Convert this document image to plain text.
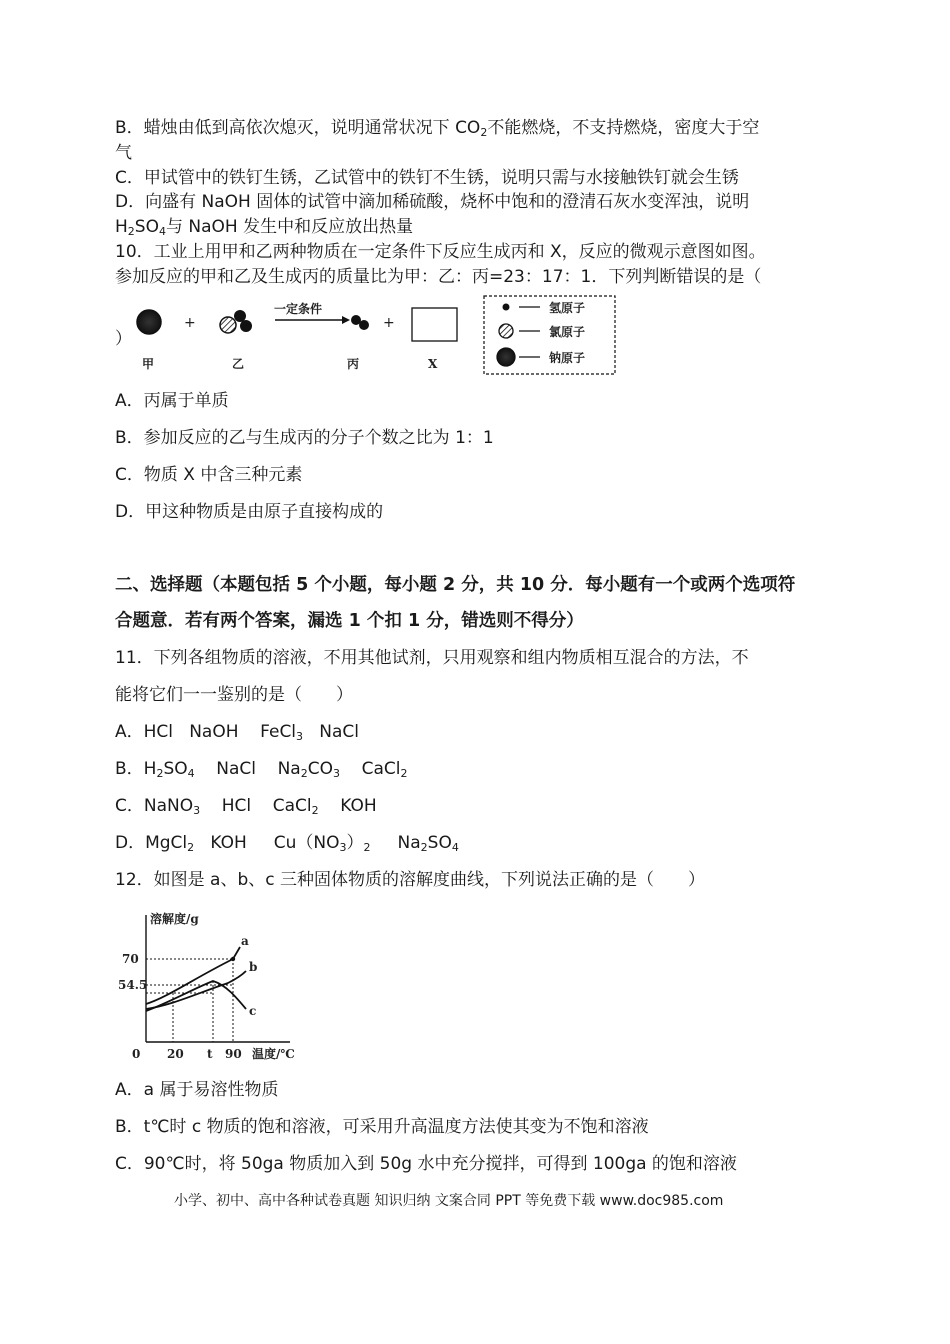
B．蜡烛由低到高依次熄灭，说明通常状况下 $CO_2$不能燃烧，不支持燃烧，密度大于空
气
C．甲试管中的铁钉生锈，乙试管中的铁钉不生锈，说明只需与水接触铁钉就会生锈
D．向盛有 NaOH 固体的试管中滴加稀硫酸，烧杯中饱和的澄清石灰水变浑浊，说明
$H_2SO_4$与 NaOH 发生中和反应放出热量
10．工业上用甲和乙两种物质在一定条件下反应生成丙和 X，反应的微观示意图如图。
参加反应的甲和乙及生成丙的质量比为甲：乙：丙=23：17：1．下列判断错误的是（
）
+
一定条件
+
甲	乙	丙	X
氢原子
氯原子
钠原子
A．丙属于单质
B．参加反应的乙与生成丙的分子个数之比为 1：1
C．物质 X 中含三种元素
D．甲这种物质是由原子直接构成的
二、选择题（本题包括 5 个小题，每小题 2 分，共 10 分．每小题有一个或两个选项符
合题意．若有两个答案，漏选 1 个扣 1 分，错选则不得分）
11．下列各组物质的溶液，不用其他试剂，只用观察和组内物质相互混合的方法，不
能将它们一一鉴别的是（　　）
A．HCl   NaOH    FeCl$_3$   NaCl
B．$H_2SO_4$    NaCl    $Na_2CO_3$    CaCl$_2$
C．NaNO$_3$    HCl    CaCl$_2$    KOH
D．MgCl$_2$   KOH     $Cu(NO_3)_2$     $Na_2SO_4$
12．如图是 a、b、c 三种固体物质的溶解度曲线，下列说法正确的是（　　）
溶解度/g
温度/℃
70
54.5
0 20 t 90
a
b
c
A．a 属于易溶性物质
B．t℃时 c 物质的饱和溶液，可采用升高温度方法使其变为不饱和溶液
C．90℃时，将 50ga 物质加入到 50g 水中充分搅拌，可得到 100ga 的饱和溶液
小学、初中、高中各种试卷真题 知识归纳 文案合同 PPT 等免费下载 www.doc985.com
